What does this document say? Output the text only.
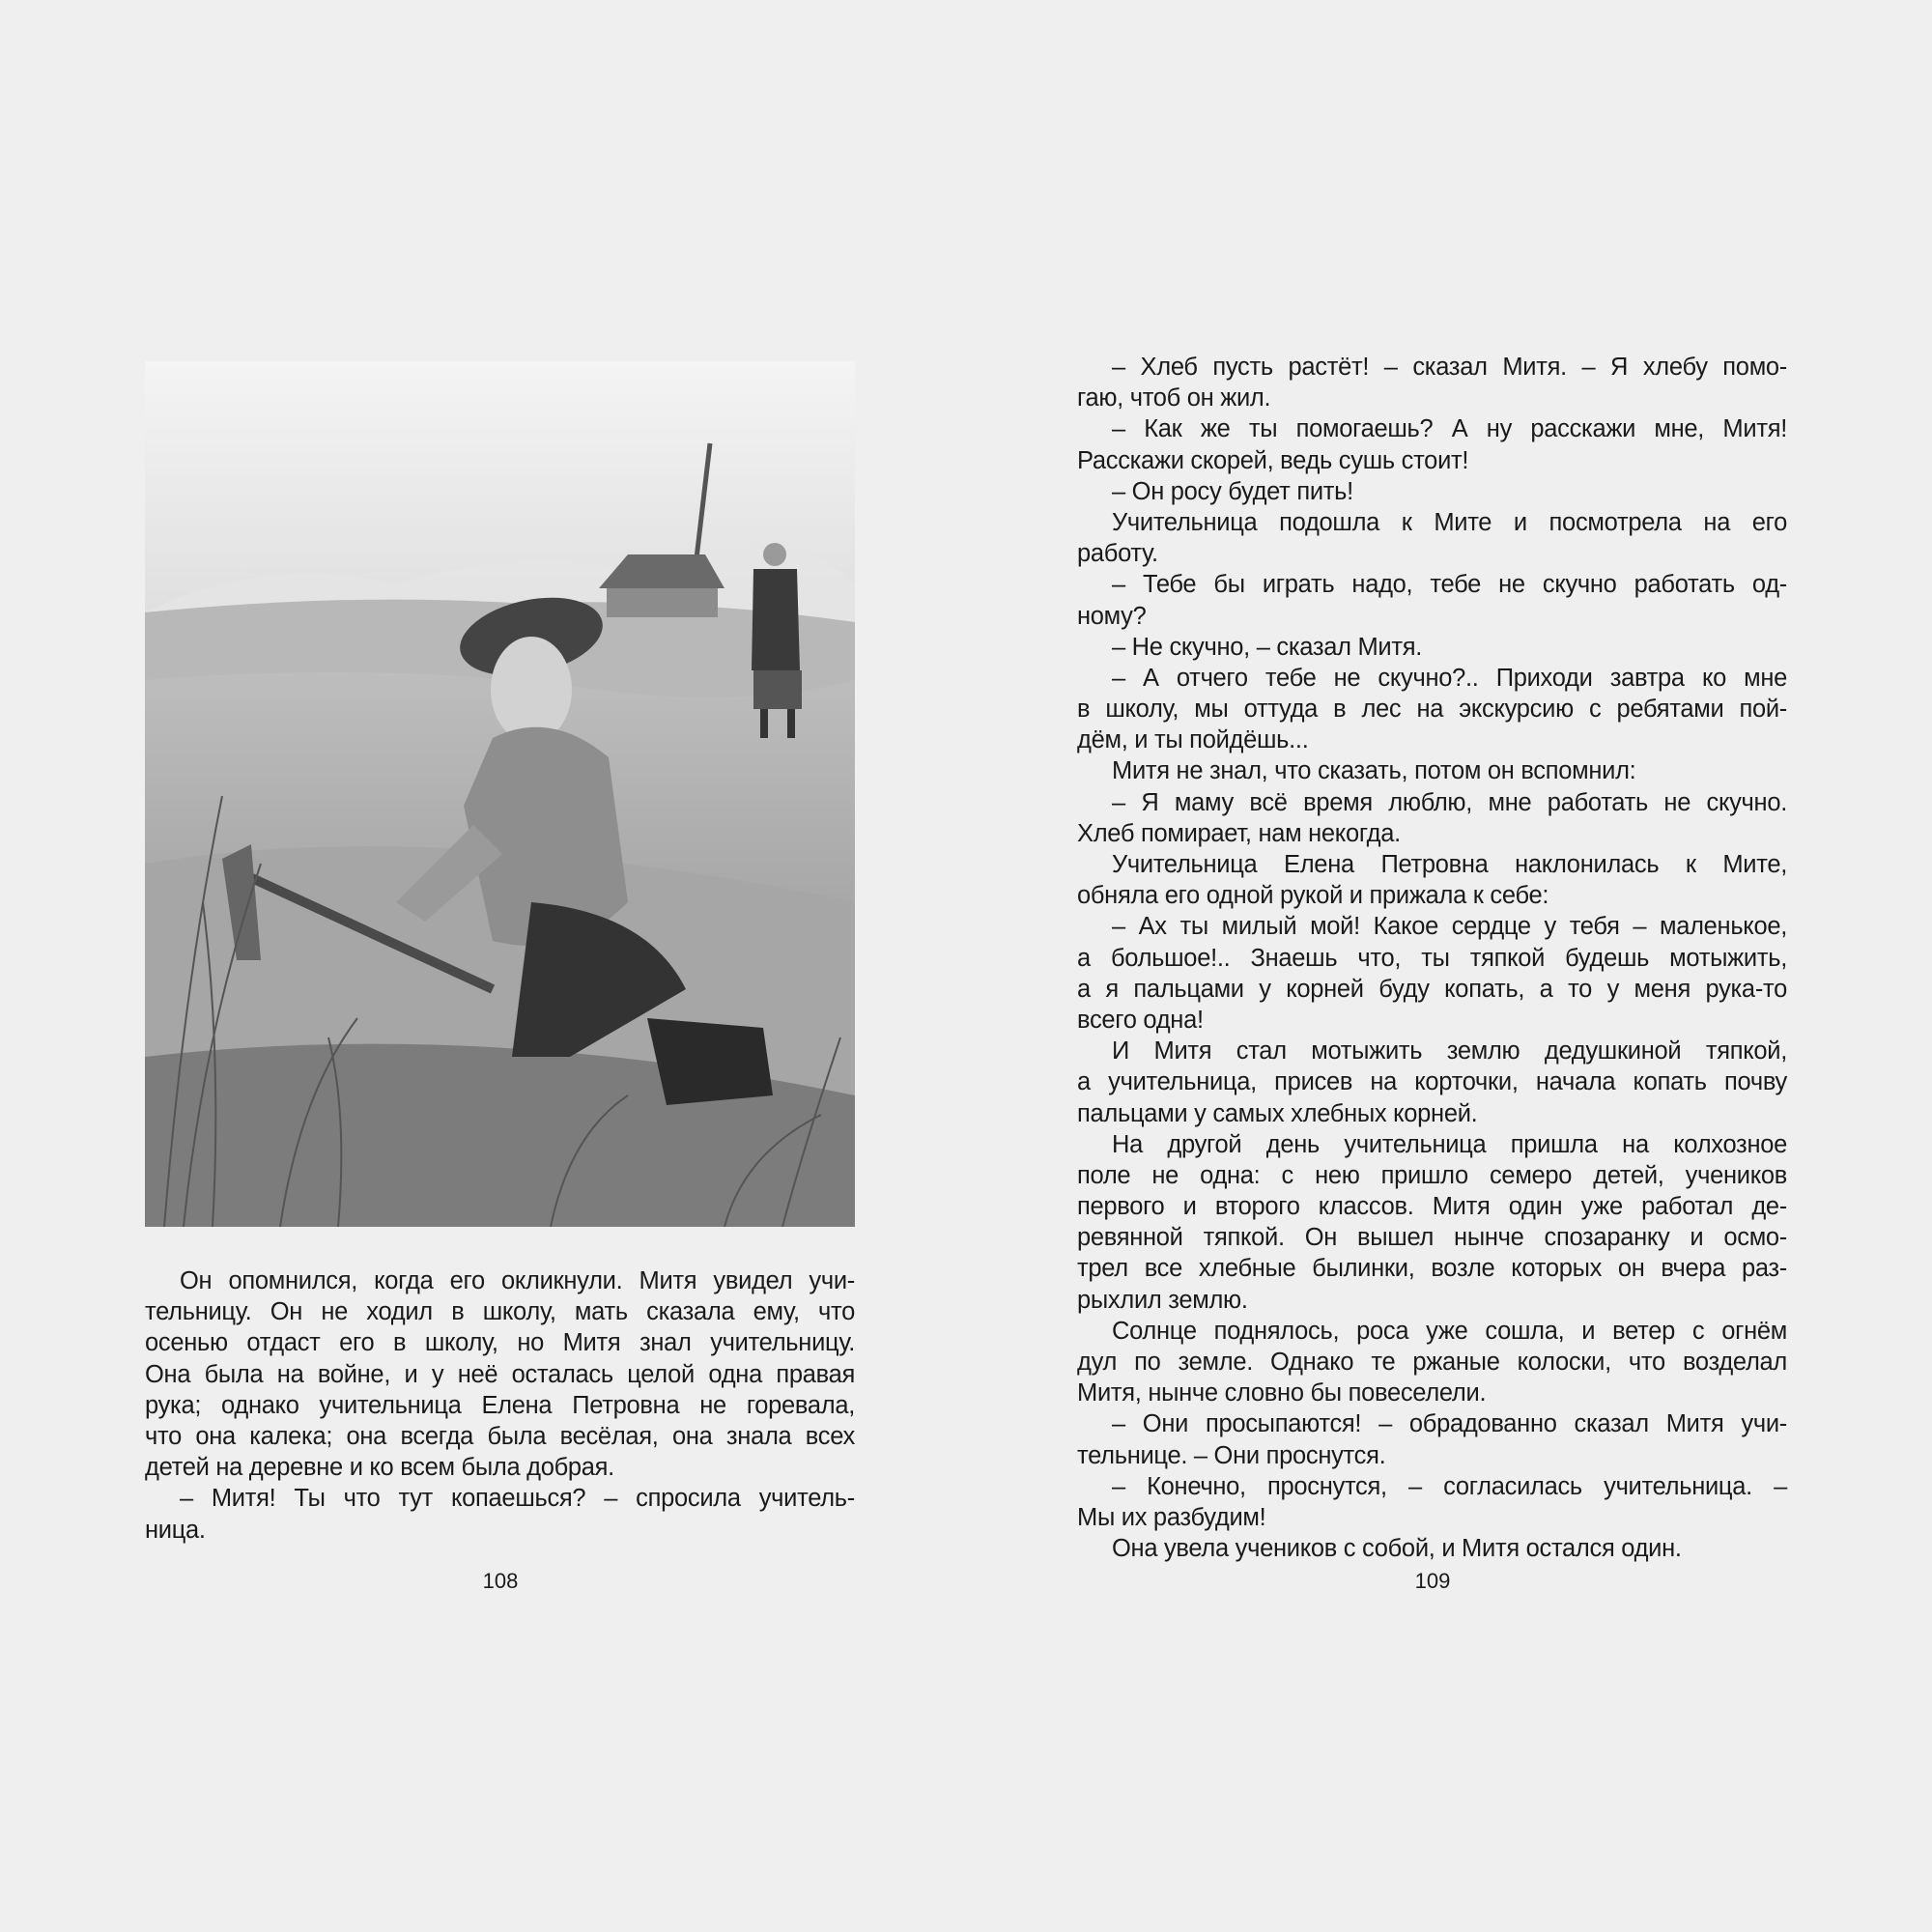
Он опомнился, когда его окликнули. Митя увидел учи-
тельницу. Он не ходил в школу, мать сказала ему, что
осенью отдаст его в школу, но Митя знал учительницу.
Она была на войне, и у неё осталась целой одна правая
рука; однако учительница Елена Петровна не горевала,
что она калека; она всегда была весёлая, она знала всех
детей на деревне и ко всем была добрая.
– Митя! Ты что тут копаешься? – спросила учитель-
ница.
108
– Хлеб пусть растёт! – сказал Митя. – Я хлебу помо-
гаю, чтоб он жил.
– Как же ты помогаешь? А ну расскажи мне, Митя!
Расскажи скорей, ведь сушь стоит!
– Он росу будет пить!
Учительница подошла к Мите и посмотрела на его
работу.
– Тебе бы играть надо, тебе не скучно работать од-
ному?
– Не скучно, – сказал Митя.
– А отчего тебе не скучно?.. Приходи завтра ко мне
в школу, мы оттуда в лес на экскурсию с ребятами пой-
дём, и ты пойдёшь...
Митя не знал, что сказать, потом он вспомнил:
– Я маму всё время люблю, мне работать не скучно.
Хлеб помирает, нам некогда.
Учительница Елена Петровна наклонилась к Мите,
обняла его одной рукой и прижала к себе:
– Ах ты милый мой! Какое сердце у тебя – маленькое,
а большое!.. Знаешь что, ты тяпкой будешь мотыжить,
а я пальцами у корней буду копать, а то у меня рука-то
всего одна!
И Митя стал мотыжить землю дедушкиной тяпкой,
а учительница, присев на корточки, начала копать почву
пальцами у самых хлебных корней.
На другой день учительница пришла на колхозное
поле не одна: с нею пришло семеро детей, учеников
первого и второго классов. Митя один уже работал де-
ревянной тяпкой. Он вышел нынче спозаранку и осмо-
трел все хлебные былинки, возле которых он вчера раз-
рыхлил землю.
Солнце поднялось, роса уже сошла, и ветер с огнём
дул по земле. Однако те ржаные колоски, что возделал
Митя, нынче словно бы повеселели.
– Они просыпаются! – обрадованно сказал Митя учи-
тельнице. – Они проснутся.
– Конечно, проснутся, – согласилась учительница. –
Мы их разбудим!
Она увела учеников с собой, и Митя остался один.
109
